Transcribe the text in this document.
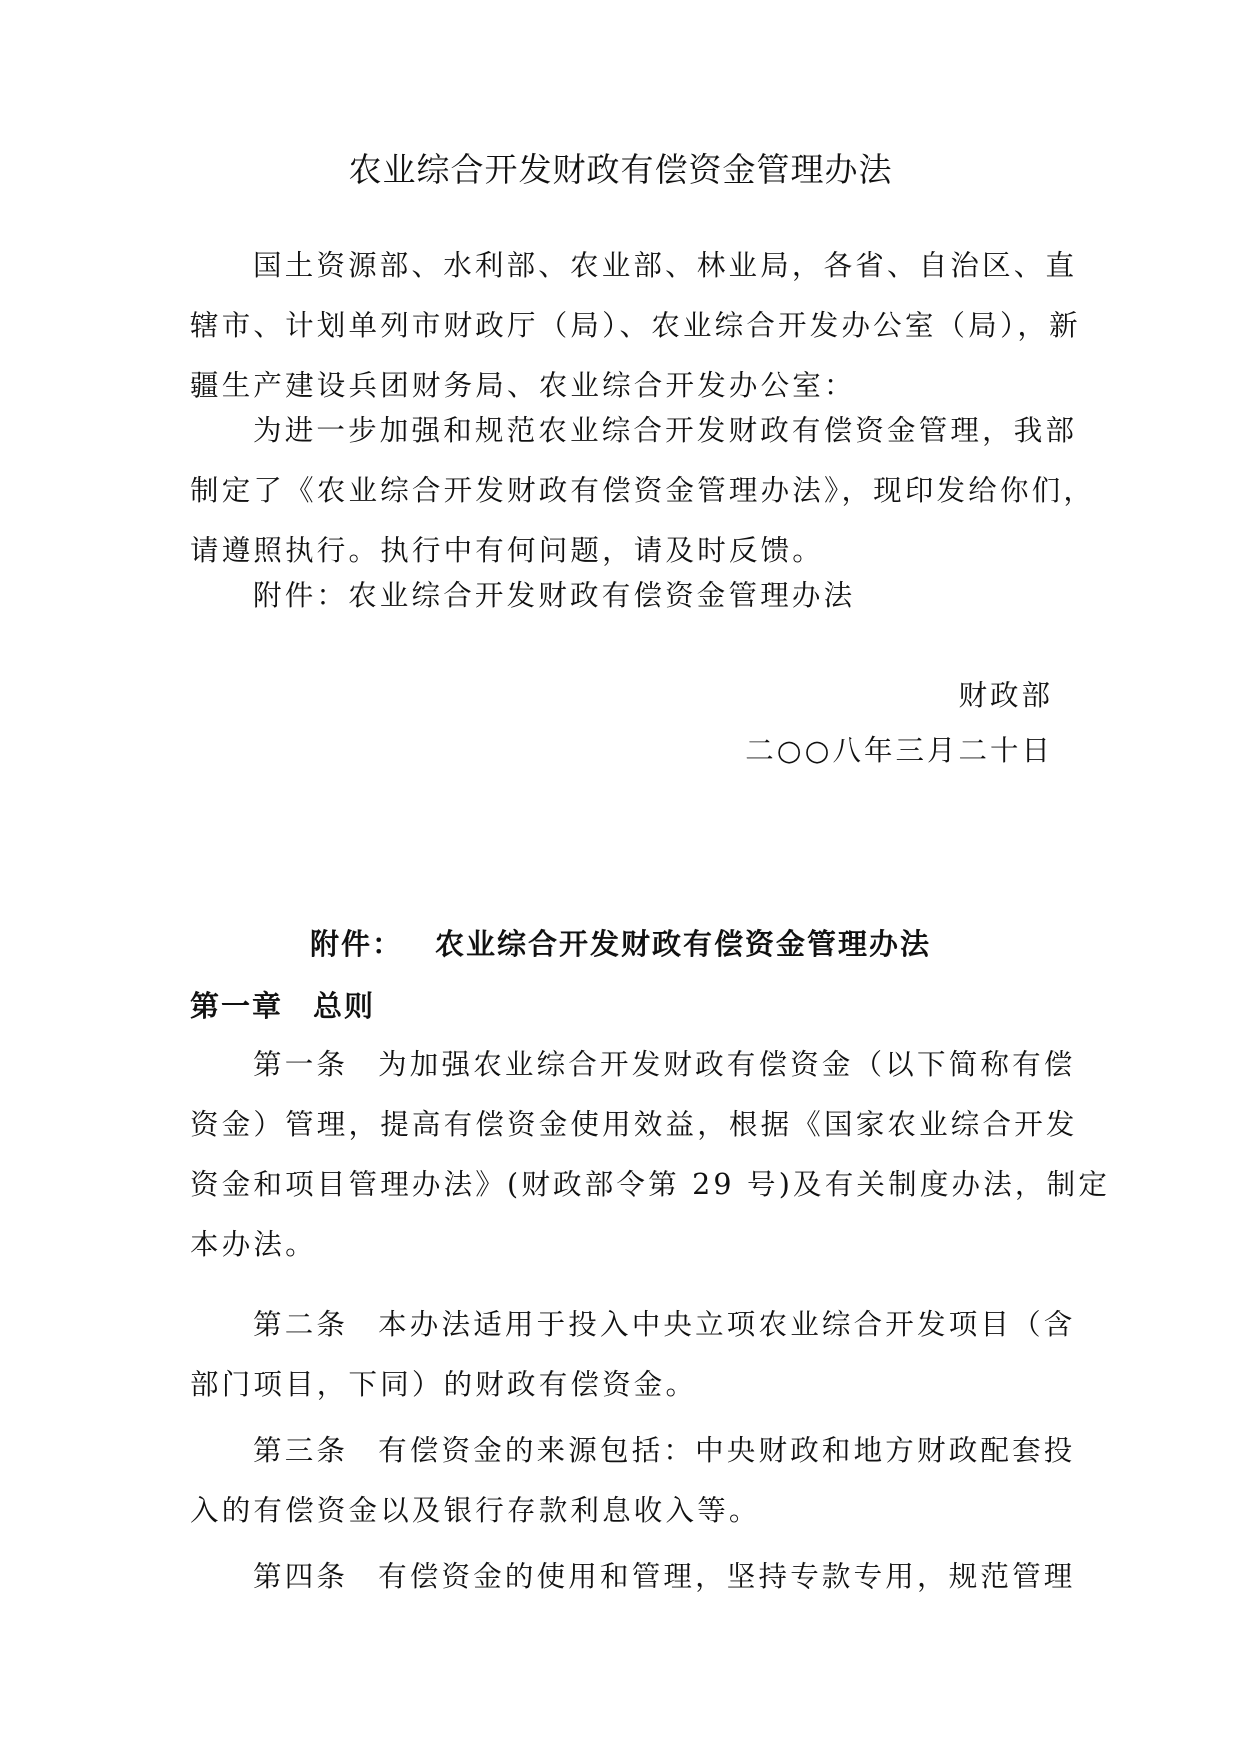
农业综合开发财政有偿资金管理办法
国土资源部、水利部、农业部、林业局，各省、自治区、直
辖市、计划单列市财政厅（局）、农业综合开发办公室（局），新
疆生产建设兵团财务局、农业综合开发办公室：
为进一步加强和规范农业综合开发财政有偿资金管理，我部
制定了《农业综合开发财政有偿资金管理办法》，现印发给你们，
请遵照执行。执行中有何问题，请及时反馈。
附件：农业综合开发财政有偿资金管理办法
财政部
二○○八年三月二十日
附件： 农业综合开发财政有偿资金管理办法
第一章 总则
第一条 为加强农业综合开发财政有偿资金（以下简称有偿
资金）管理，提高有偿资金使用效益，根据《国家农业综合开发
资金和项目管理办法》(财政部令第 29 号)及有关制度办法，制定
本办法。
第二条 本办法适用于投入中央立项农业综合开发项目（含
部门项目，下同）的财政有偿资金。
第三条 有偿资金的来源包括：中央财政和地方财政配套投
入的有偿资金以及银行存款利息收入等。
第四条 有偿资金的使用和管理，坚持专款专用，规范管理
